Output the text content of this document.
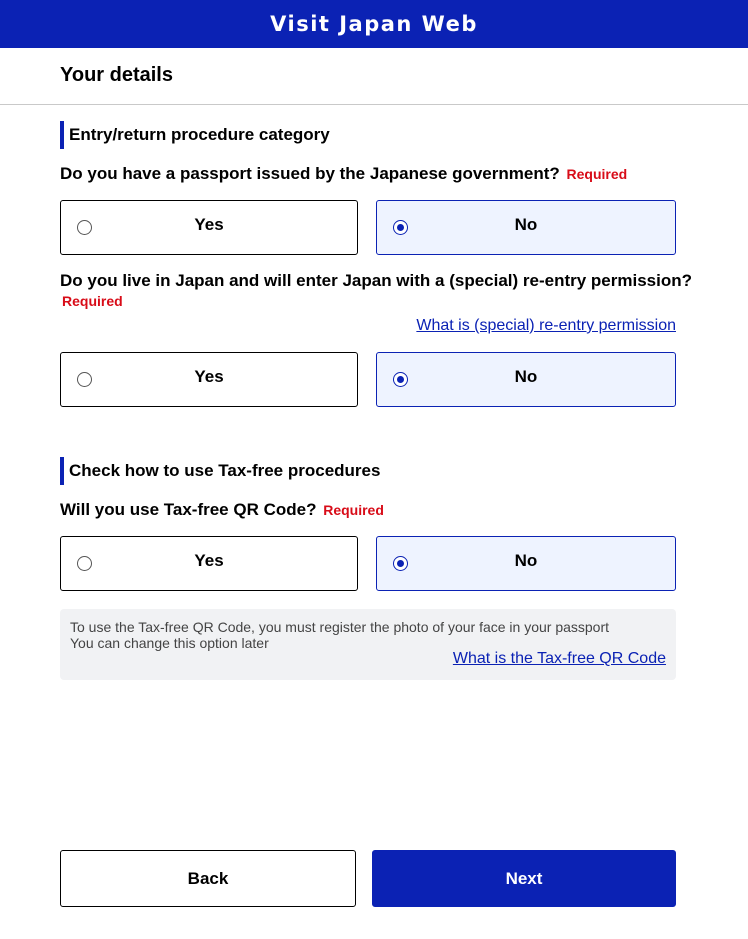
Visit Japan Web
Your details
Entry/return procedure category
Do you have a passport issued by the Japanese government? Required
Yes	No
Do you live in Japan and will enter Japan with a (special) re-entry permission?
Required
What is (special) re-entry permission
Yes	No
Check how to use Tax-free procedures
Will you use Tax-free QR Code? Required
Yes	No
To use the Tax-free QR Code, you must register the photo of your face in your passport
You can change this option later
What is the Tax-free QR Code
Back	Next
